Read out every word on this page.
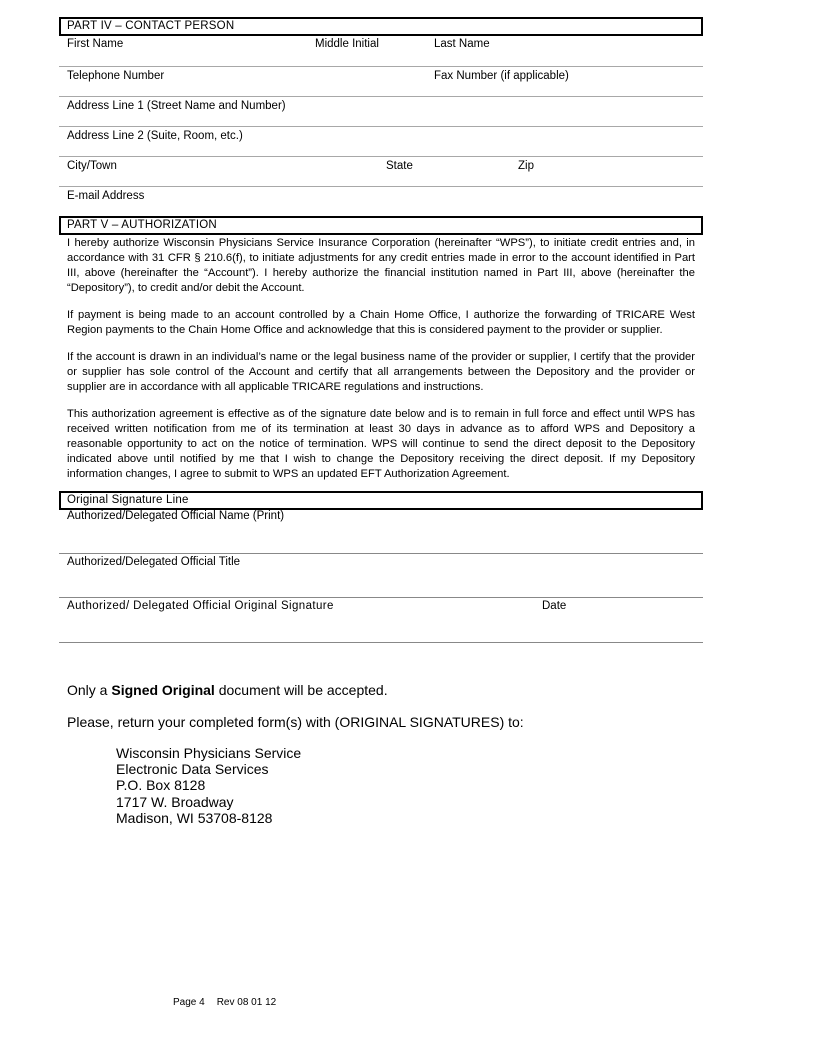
PART IV – CONTACT PERSON
First Name	Middle Initial	Last Name
Telephone Number	Fax Number (if applicable)
Address Line 1 (Street Name and Number)
Address Line 2 (Suite, Room, etc.)
City/Town	State	Zip
E-mail Address
PART V – AUTHORIZATION

I hereby authorize Wisconsin Physicians Service Insurance Corporation (hereinafter “WPS”), to initiate credit entries and, in accordance with 31 CFR § 210.6(f), to initiate adjustments for any credit entries made in error to the account identified in Part III, above (hereinafter the “Account”). I hereby authorize the financial institution named in Part III, above (hereinafter the “Depository”), to credit and/or debit the Account.

If payment is being made to an account controlled by a Chain Home Office, I authorize the forwarding of TRICARE West Region payments to the Chain Home Office and acknowledge that this is considered payment to the provider or supplier.

If the account is drawn in an individual’s name or the legal business name of the provider or supplier, I certify that the provider or supplier has sole control of the Account and certify that all arrangements between the Depository and the provider or supplier are in accordance with all applicable TRICARE regulations and instructions.

This authorization agreement is effective as of the signature date below and is to remain in full force and effect until WPS has received written notification from me of its termination at least 30 days in advance as to afford WPS and Depository a reasonable opportunity to act on the notice of termination. WPS will continue to send the direct deposit to the Depository indicated above until notified by me that I wish to change the Depository receiving the direct deposit. If my Depository information changes, I agree to submit to WPS an updated EFT Authorization Agreement.

Original Signature Line
Authorized/Delegated Official Name (Print)
Authorized/Delegated Official Title
Authorized/ Delegated Official Original Signature	Date
Only a Signed Original document will be accepted.
Please, return your completed form(s) with (ORIGINAL SIGNATURES) to:
Wisconsin Physicians Service
Electronic Data Services
P.O. Box 8128
1717 W. Broadway
Madison, WI 53708-8128
Page 4 Rev 08 01 12
